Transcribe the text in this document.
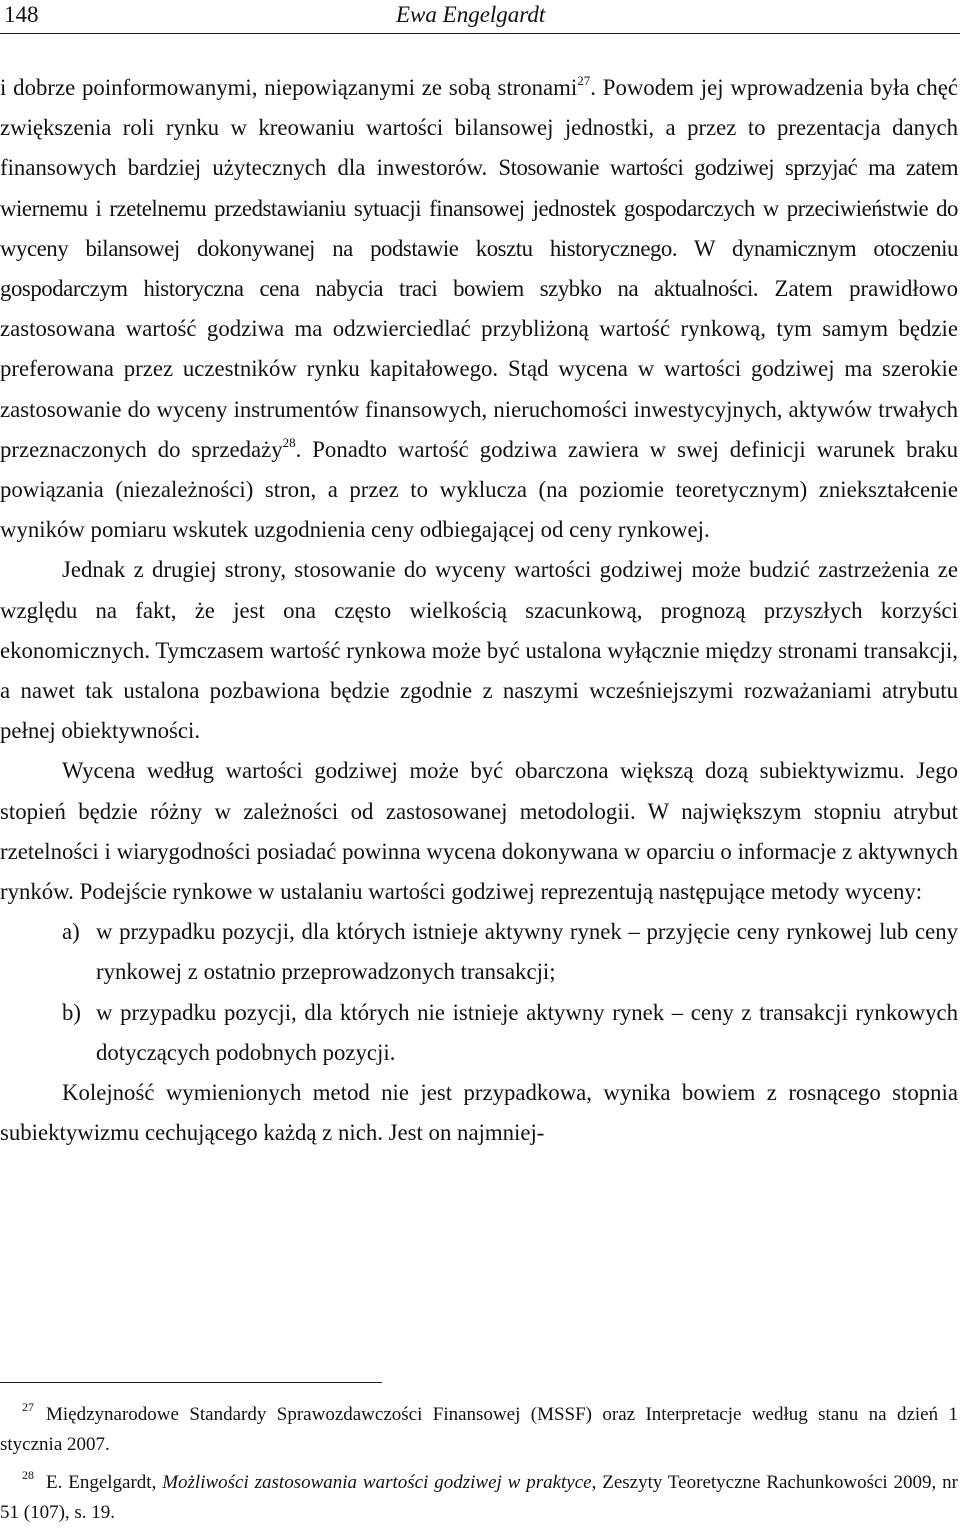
148	Ewa Engelgardt

i dobrze poinformowanymi, niepowiązanymi ze sobą stronami$^{27}$. Powodem jej wprowadzenia była chęć zwiększenia roli rynku w kreowaniu wartości bilansowej jednostki, a przez to prezentacja danych finansowych bardziej użytecznych dla inwestorów. Stosowanie wartości godziwej sprzyjać ma zatem wiernemu i rzetelnemu przedstawianiu sytuacji finansowej jednostek gospodarczych w przeciwieństwie do wyceny bilansowej dokonywanej na podstawie kosztu historycznego. W dynamicznym otoczeniu gospodarczym historyczna cena nabycia traci bowiem szybko na aktualności. Zatem prawidłowo zastosowana wartość godziwa ma odzwierciedlać przybliżoną wartość rynkową, tym samym będzie preferowana przez uczestników rynku kapitałowego. Stąd wycena w wartości godziwej ma szerokie zastosowanie do wyceny instrumentów finansowych, nieruchomości inwestycyjnych, aktywów trwałych przeznaczonych do sprzedaży$^{28}$. Ponadto wartość godziwa zawiera w swej definicji warunek braku powiązania (niezależności) stron, a przez to wyklucza (na poziomie teoretycznym) zniekształcenie wyników pomiaru wskutek uzgodnienia ceny odbiegającej od ceny rynkowej.

Jednak z drugiej strony, stosowanie do wyceny wartości godziwej może budzić zastrzeżenia ze względu na fakt, że jest ona często wielkością szacunkową, prognozą przyszłych korzyści ekonomicznych. Tymczasem wartość rynkowa może być ustalona wyłącznie między stronami transakcji, a nawet tak ustalona pozbawiona będzie zgodnie z naszymi wcześniejszymi rozważaniami atrybutu pełnej obiektywności.

Wycena według wartości godziwej może być obarczona większą dozą subiektywizmu. Jego stopień będzie różny w zależności od zastosowanej metodologii. W największym stopniu atrybut rzetelności i wiarygodności posiadać powinna wycena dokonywana w oparciu o informacje z aktywnych rynków. Podejście rynkowe w ustalaniu wartości godziwej reprezentują następujące metody wyceny:

a) w przypadku pozycji, dla których istnieje aktywny rynek – przyjęcie ceny rynkowej lub ceny rynkowej z ostatnio przeprowadzonych transakcji;
b) w przypadku pozycji, dla których nie istnieje aktywny rynek – ceny z transakcji rynkowych dotyczących podobnych pozycji.

Kolejność wymienionych metod nie jest przypadkowa, wynika bowiem z rosnącego stopnia subiektywizmu cechującego każdą z nich. Jest on najmniej-

$^{27}$ Międzynarodowe Standardy Sprawozdawczości Finansowej (MSSF) oraz Interpretacje według stanu na dzień 1 stycznia 2007.

$^{28}$ E. Engelgardt, Możliwości zastosowania wartości godziwej w praktyce, Zeszyty Teoretyczne Rachunkowości 2009, nr 51 (107), s. 19.
